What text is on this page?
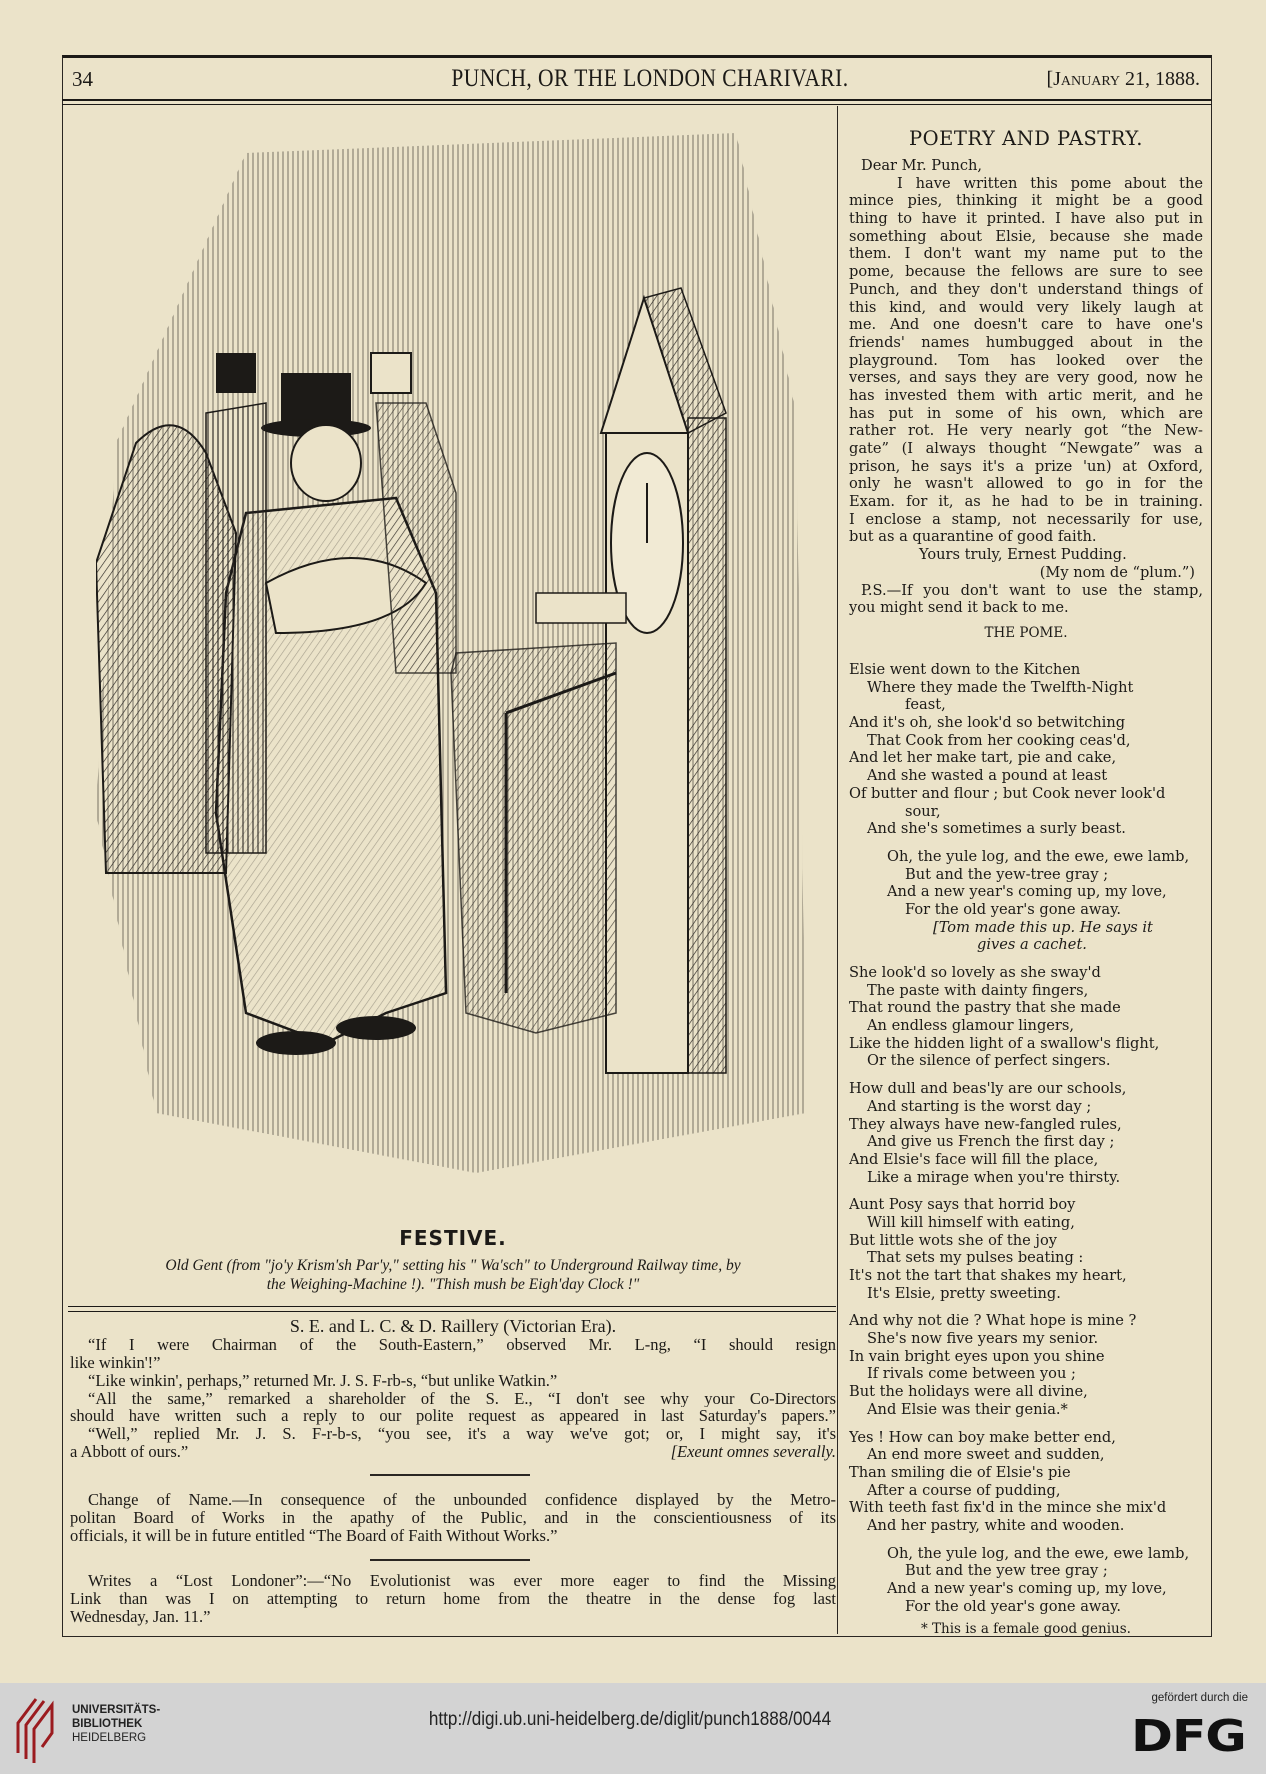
34	PUNCH, OR THE LONDON CHARIVARI.	[January 21, 1888.
FESTIVE.
Old Gent (from "jo'y Krism'sh Par'y," setting his " Wa'sch" to Underground Railway time, by
the Weighing-Machine !). "Thish mush be Eigh'day Clock !"
S. E. and L. C. & D. Raillery (Victorian Era).
“If I were Chairman of the South-Eastern,” observed Mr. L-ng, “I should resign
like winkin'!”
“Like winkin', perhaps,” returned Mr. J. S. F-rb-s, “but unlike Watkin.”
“All the same,” remarked a shareholder of the S. E., “I don't see why your Co-Directors
should have written such a reply to our polite request as appeared in last Saturday's papers.”
“Well,” replied Mr. J. S. F-r-b-s, “you see, it's a way we've got; or, I might say, it's
a Abbott of ours.”	[Exeunt omnes severally.
Change of Name.—In consequence of the unbounded confidence displayed by the Metro-
politan Board of Works in the apathy of the Public, and in the conscientiousness of its
officials, it will be in future entitled “The Board of Faith Without Works.”
Writes a “Lost Londoner”:—“No Evolutionist was ever more eager to find the Missing
Link than was I on attempting to return home from the theatre in the dense fog last
Wednesday, Jan. 11.”
POETRY AND PASTRY.
Dear Mr. Punch,
I have written this pome about the
mince pies, thinking it might be a good
thing to have it printed. I have also put in
something about Elsie, because she made
them. I don't want my name put to the
pome, because the fellows are sure to see
Punch, and they don't understand things of
this kind, and would very likely laugh at
me. And one doesn't care to have one's
friends' names humbugged about in the
playground. Tom has looked over the
verses, and says they are very good, now he
has invested them with artic merit, and he
has put in some of his own, which are
rather rot. He very nearly got “the New-
gate” (I always thought “Newgate” was a
prison, he says it's a prize 'un) at Oxford,
only he wasn't allowed to go in for the
Exam. for it, as he had to be in training.
I enclose a stamp, not necessarily for use,
but as a quarantine of good faith.
Yours truly, Ernest Pudding.
(My nom de “plum.”)
P.S.—If you don't want to use the stamp,
you might send it back to me.
THE POME.
Elsie went down to the Kitchen
Where they made the Twelfth-Night
feast,
And it's oh, she look'd so betwitching
That Cook from her cooking ceas'd,
And let her make tart, pie and cake,
And she wasted a pound at least
Of butter and flour ; but Cook never look'd
sour,
And she's sometimes a surly beast.
Oh, the yule log, and the ewe, ewe lamb,
But and the yew-tree gray ;
And a new year's coming up, my love,
For the old year's gone away.
[Tom made this up. He says it
gives a cachet.
She look'd so lovely as she sway'd
The paste with dainty fingers,
That round the pastry that she made
An endless glamour lingers,
Like the hidden light of a swallow's flight,
Or the silence of perfect singers.
How dull and beas'ly are our schools,
And starting is the worst day ;
They always have new-fangled rules,
And give us French the first day ;
And Elsie's face will fill the place,
Like a mirage when you're thirsty.
Aunt Posy says that horrid boy
Will kill himself with eating,
But little wots she of the joy
That sets my pulses beating :
It's not the tart that shakes my heart,
It's Elsie, pretty sweeting.
And why not die ? What hope is mine ?
She's now five years my senior.
In vain bright eyes upon you shine
If rivals come between you ;
But the holidays were all divine,
And Elsie was their genia.*
Yes ! How can boy make better end,
An end more sweet and sudden,
Than smiling die of Elsie's pie
After a course of pudding,
With teeth fast fix'd in the mince she mix'd
And her pastry, white and wooden.
Oh, the yule log, and the ewe, ewe lamb,
But and the yew tree gray ;
And a new year's coming up, my love,
For the old year's gone away.
* This is a female good genius.
UNIVERSITÄTS-
BIBLIOTHEK
HEIDELBERG
http://digi.ub.uni-heidelberg.de/diglit/punch1888/0044
gefördert durch die
DFG
